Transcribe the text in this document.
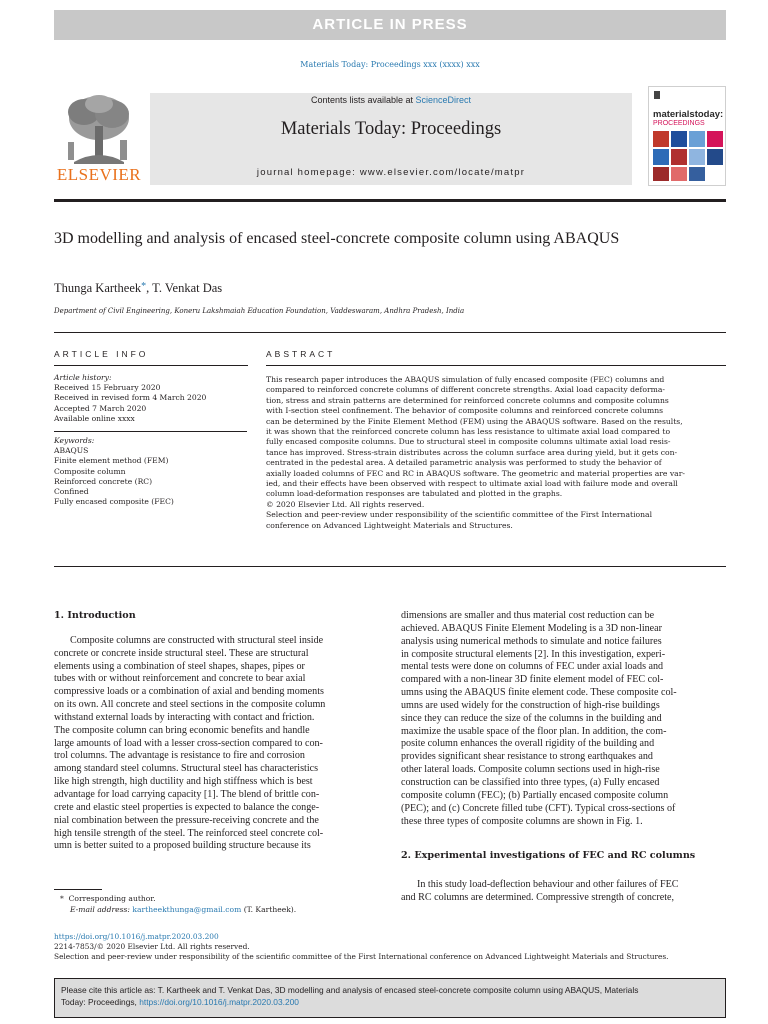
ARTICLE IN PRESS
Materials Today: Proceedings xxx (xxxx) xxx
ELSEVIER
Contents lists available at ScienceDirect
Materials Today: Proceedings
journal homepage: www.elsevier.com/locate/matpr
materialstoday:
PROCEEDINGS
3D modelling and analysis of encased steel-concrete composite column using ABAQUS
Thunga Kartheek*, T. Venkat Das
Department of Civil Engineering, Koneru Lakshmaiah Education Foundation, Vaddeswaram, Andhra Pradesh, India
ARTICLE INFO
Article history:
Received 15 February 2020
Received in revised form 4 March 2020
Accepted 7 March 2020
Available online xxxx
Keywords:
ABAQUS
Finite element method (FEM)
Composite column
Reinforced concrete (RC)
Confined
Fully encased composite (FEC)
ABSTRACT
This research paper introduces the ABAQUS simulation of fully encased composite (FEC) columns and
compared to reinforced concrete columns of different concrete strengths. Axial load capacity deforma-
tion, stress and strain patterns are determined for reinforced concrete columns and composite columns
with I-section steel confinement. The behavior of composite columns and reinforced concrete columns
can be determined by the Finite Element Method (FEM) using the ABAQUS software. Based on the results,
it was shown that the reinforced concrete column has less resistance to ultimate axial load compared to
fully encased composite columns. Due to structural steel in composite columns ultimate axial load resis-
tance has improved. Stress-strain distributes across the column surface area during yield, but it gets con-
centrated in the pedestal area. A detailed parametric analysis was performed to study the behavior of
axially loaded columns of FEC and RC in ABAQUS software. The geometric and material properties are var-
ied, and their effects have been observed with respect to ultimate axial load with failure mode and overall
column load-deformation responses are tabulated and plotted in the graphs.
© 2020 Elsevier Ltd. All rights reserved.
Selection and peer-review under responsibility of the scientific committee of the First International
conference on Advanced Lightweight Materials and Structures.
1. Introduction
Composite columns are constructed with structural steel inside
concrete or concrete inside structural steel. These are structural
elements using a combination of steel shapes, shapes, pipes or
tubes with or without reinforcement and concrete to bear axial
compressive loads or a combination of axial and bending moments
on its own. All concrete and steel sections in the composite column
withstand external loads by interacting with contact and friction.
The composite column can bring economic benefits and handle
large amounts of load with a lesser cross-section compared to con-
trol columns. The advantage is resistance to fire and corrosion
among standard steel columns. Structural steel has characteristics
like high strength, high ductility and high stiffness which is best
advantage for load carrying capacity [1]. The blend of brittle con-
crete and elastic steel properties is expected to balance the conge-
nial combination between the pressure-receiving concrete and the
high tensile strength of the steel. The reinforced steel concrete col-
umn is better suited to a proposed building structure because its
dimensions are smaller and thus material cost reduction can be
achieved. ABAQUS Finite Element Modeling is a 3D non-linear
analysis using numerical methods to simulate and notice failures
in composite structural elements [2]. In this investigation, experi-
mental tests were done on columns of FEC under axial loads and
compared with a non-linear 3D finite element model of FEC col-
umns using the ABAQUS finite element code. These composite col-
umns are used widely for the construction of high-rise buildings
since they can reduce the size of the columns in the building and
maximize the usable space of the floor plan. In addition, the com-
posite column enhances the overall rigidity of the building and
provides significant shear resistance to strong earthquakes and
other lateral loads. Composite column sections used in high-rise
construction can be classified into three types, (a) Fully encased
composite column (FEC); (b) Partially encased composite column
(PEC); and (c) Concrete filled tube (CFT). Typical cross-sections of
these three types of composite columns are shown in Fig. 1.
2. Experimental investigations of FEC and RC columns
In this study load-deflection behaviour and other failures of FEC
and RC columns are determined. Compressive strength of concrete,
* Corresponding author.
E-mail address: kartheekthunga@gmail.com (T. Kartheek).
https://doi.org/10.1016/j.matpr.2020.03.200
2214-7853/© 2020 Elsevier Ltd. All rights reserved.
Selection and peer-review under responsibility of the scientific committee of the First International conference on Advanced Lightweight Materials and Structures.
Please cite this article as: T. Kartheek and T. Venkat Das, 3D modelling and analysis of encased steel-concrete composite column using ABAQUS, Materials
Today: Proceedings, https://doi.org/10.1016/j.matpr.2020.03.200
